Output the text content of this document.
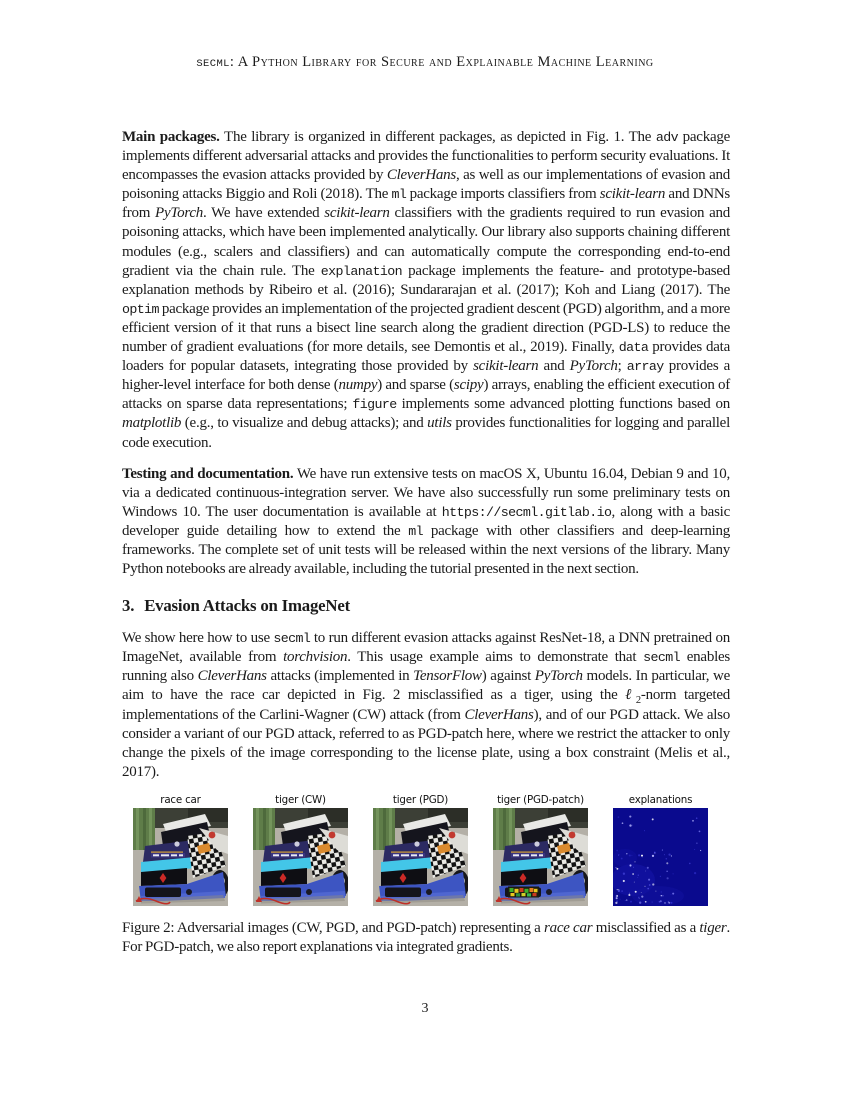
SECML: A Python Library for Secure and Explainable Machine Learning

Main packages. The library is organized in different packages, as depicted in Fig. 1. The adv package implements different adversarial attacks and provides the functionalities to perform security evaluations. It encompasses the evasion attacks provided by CleverHans, as well as our implementations of evasion and poisoning attacks Biggio and Roli (2018). The ml package imports classifiers from scikit-learn and DNNs from PyTorch. We have extended scikit-learn classifiers with the gradients required to run evasion and poisoning attacks, which have been implemented analytically. Our library also supports chaining different modules (e.g., scalers and classifiers) and can automatically compute the corresponding end-to-end gradient via the chain rule. The explanation package implements the feature- and prototype-based explanation methods by Ribeiro et al. (2016); Sundararajan et al. (2017); Koh and Liang (2017). The optim package provides an implementation of the projected gradient descent (PGD) algorithm, and a more efficient version of it that runs a bisect line search along the gradient direction (PGD-LS) to reduce the number of gradient evaluations (for more details, see Demontis et al., 2019). Finally, data provides data loaders for popular datasets, integrating those provided by scikit-learn and PyTorch; array provides a higher-level interface for both dense (numpy) and sparse (scipy) arrays, enabling the efficient execution of attacks on sparse data representations; figure implements some advanced plotting functions based on matplotlib (e.g., to visualize and debug attacks); and utils provides functionalities for logging and parallel code execution.

Testing and documentation. We have run extensive tests on macOS X, Ubuntu 16.04, Debian 9 and 10, via a dedicated continuous-integration server. We have also successfully run some preliminary tests on Windows 10. The user documentation is available at https://secml.gitlab.io, along with a basic developer guide detailing how to extend the ml package with other classifiers and deep-learning frameworks. The complete set of unit tests will be released within the next versions of the library. Many Python notebooks are already available, including the tutorial presented in the next section.

3. Evasion Attacks on ImageNet

We show here how to use secml to run different evasion attacks against ResNet-18, a DNN pretrained on ImageNet, available from torchvision. This usage example aims to demonstrate that secml enables running also CleverHans attacks (implemented in TensorFlow) against PyTorch models. In particular, we aim to have the race car depicted in Fig. 2 misclassified as a tiger, using the ℓ$_2$-norm targeted implementations of the Carlini-Wagner (CW) attack (from CleverHans), and of our PGD attack. We also consider a variant of our PGD attack, referred to as PGD-patch here, where we restrict the attacker to only change the pixels of the image corresponding to the license plate, using a box constraint (Melis et al., 2017).

race car	tiger (CW)	tiger (PGD)	tiger (PGD-patch)	explanations

Figure 2: Adversarial images (CW, PGD, and PGD-patch) representing a race car misclassified as a tiger. For PGD-patch, we also report explanations via integrated gradients.

3
